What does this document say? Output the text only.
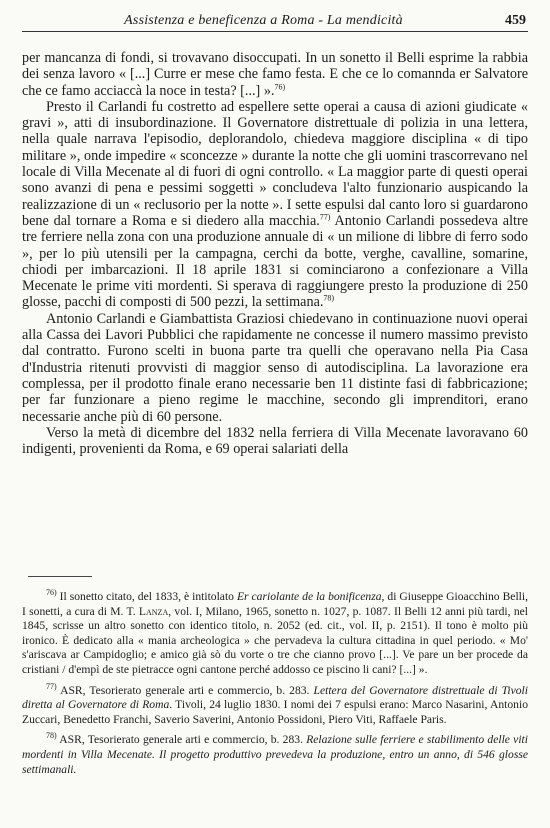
Assistenza e beneficenza a Roma - La mendicità	459

per mancanza di fondi, si trovavano disoccupati. In un sonetto il Belli esprime la rabbia dei senza lavoro « [...] Curre er mese che famo festa. E che ce lo comannda er Salvatore che ce famo acciaccà la noce in testa? [...] ».$^{76)}$

Presto il Carlandi fu costretto ad espellere sette operai a causa di azioni giudicate « gravi », atti di insubordinazione. Il Governatore distrettuale di polizia in una lettera, nella quale narrava l'episodio, deplorandolo, chiedeva maggiore disciplina « di tipo militare », onde impedire « sconcezze » durante la notte che gli uomini trascorrevano nel locale di Villa Mecenate al di fuori di ogni controllo. « La maggior parte di questi operai sono avanzi di pena e pessimi soggetti » concludeva l'alto funzionario auspicando la realizzazione di un « reclusorio per la notte ». I sette espulsi dal canto loro si guardarono bene dal tornare a Roma e si diedero alla macchia.$^{77)}$ Antonio Carlandi possedeva altre tre ferriere nella zona con una produzione annuale di « un milione di libbre di ferro sodo », per lo più utensili per la campagna, cerchi da botte, verghe, cavalline, somarine, chiodi per imbarcazioni. Il 18 aprile 1831 si cominciarono a confezionare a Villa Mecenate le prime viti mordenti. Si sperava di raggiungere presto la produzione di 250 glosse, pacchi di composti di 500 pezzi, la settimana.$^{78)}$

Antonio Carlandi e Giambattista Graziosi chiedevano in continuazione nuovi operai alla Cassa dei Lavori Pubblici che rapidamente ne concesse il numero massimo previsto dal contratto. Furono scelti in buona parte tra quelli che operavano nella Pia Casa d'Industria ritenuti provvisti di maggior senso di autodisciplina. La lavorazione era complessa, per il prodotto finale erano necessarie ben 11 distinte fasi di fabbricazione; per far funzionare a pieno regime le macchine, secondo gli imprenditori, erano necessarie anche più di 60 persone.

Verso la metà di dicembre del 1832 nella ferriera di Villa Mecenate lavoravano 60 indigenti, provenienti da Roma, e 69 operai salariati della

$^{76)}$ Il sonetto citato, del 1833, è intitolato Er cariolante de la bonificenza, di Giuseppe Gioacchino Belli, I sonetti, a cura di M. T. Lanza, vol. I, Milano, 1965, sonetto n. 1027, p. 1087. Il Belli 12 anni più tardi, nel 1845, scrisse un altro sonetto con identico titolo, n. 2052 (ed. cit., vol. II, p. 2151). Il tono è molto più ironico. È dedicato alla « mania archeologica » che pervadeva la cultura cittadina in quel periodo. « Mo' s'ariscava ar Campidoglio; e amico già sò du vorte o tre che cianno provo [...]. Ve pare un ber procede da cristiani / d'empì de ste pietracce ogni cantone perché addosso ce piscino li cani? [...] ».

$^{77)}$ ASR, Tesorierato generale arti e commercio, b. 283. Lettera del Governatore distrettuale di Tivoli diretta al Governatore di Roma. Tivoli, 24 luglio 1830. I nomi dei 7 espulsi erano: Marco Nasarini, Antonio Zuccari, Benedetto Franchi, Saverio Saverini, Antonio Possidoni, Piero Viti, Raffaele Paris.

$^{78)}$ ASR, Tesorierato generale arti e commercio, b. 283. Relazione sulle ferriere e stabilimento delle viti mordenti in Villa Mecenate. Il progetto produttivo prevedeva la produzione, entro un anno, di 546 glosse settimanali.
